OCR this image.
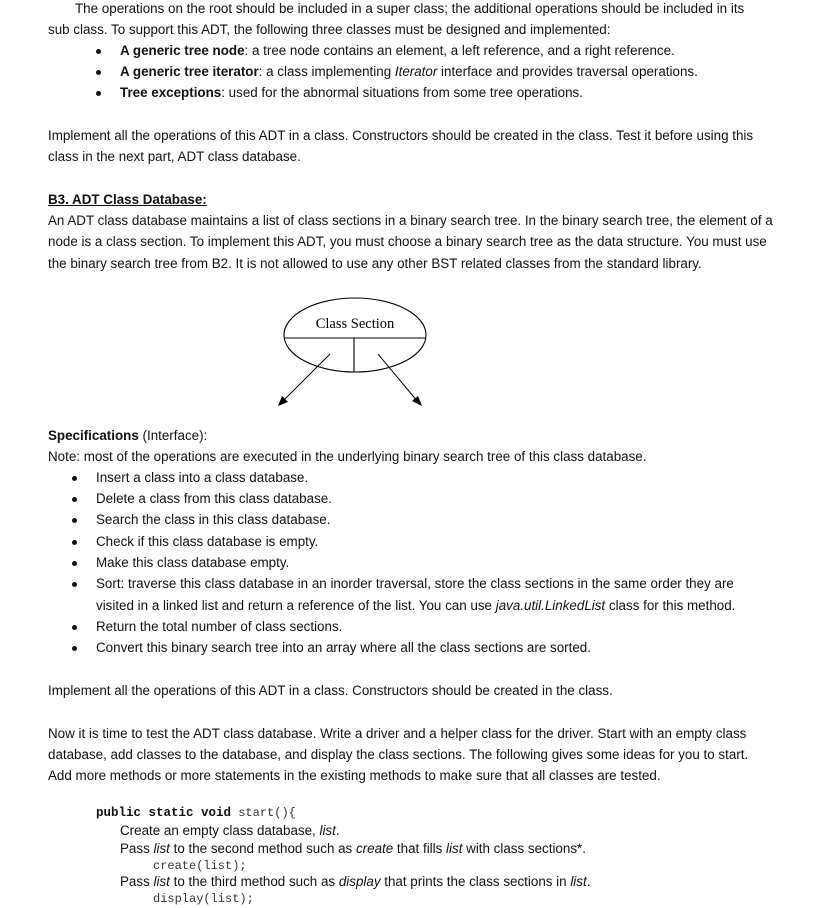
The operations on the root should be included in a super class; the additional operations should be included in its
sub class. To support this ADT, the following three classes must be designed and implemented:
A generic tree node: a tree node contains an element, a left reference, and a right reference.
A generic tree iterator: a class implementing Iterator interface and provides traversal operations.
Tree exceptions: used for the abnormal situations from some tree operations.
Implement all the operations of this ADT in a class. Constructors should be created in the class. Test it before using this
class in the next part, ADT class database.
B3. ADT Class Database:
An ADT class database maintains a list of class sections in a binary search tree. In the binary search tree, the element of a
node is a class section. To implement this ADT, you must choose a binary search tree as the data structure. You must use
the binary search tree from B2. It is not allowed to use any other BST related classes from the standard library.
Class Section
Specifications (Interface):
Note: most of the operations are executed in the underlying binary search tree of this class database.
Insert a class into a class database.
Delete a class from this class database.
Search the class in this class database.
Check if this class database is empty.
Make this class database empty.
Sort: traverse this class database in an inorder traversal, store the class sections in the same order they are
visited in a linked list and return a reference of the list. You can use java.util.LinkedList class for this method.
Return the total number of class sections.
Convert this binary search tree into an array where all the class sections are sorted.
Implement all the operations of this ADT in a class. Constructors should be created in the class.
Now it is time to test the ADT class database. Write a driver and a helper class for the driver. Start with an empty class
database, add classes to the database, and display the class sections. The following gives some ideas for you to start.
Add more methods or more statements in the existing methods to make sure that all classes are tested.
public static void start(){
Create an empty class database, list.
Pass list to the second method such as create that fills list with class sections*.
create(list);
Pass list to the third method such as display that prints the class sections in list.
display(list);
